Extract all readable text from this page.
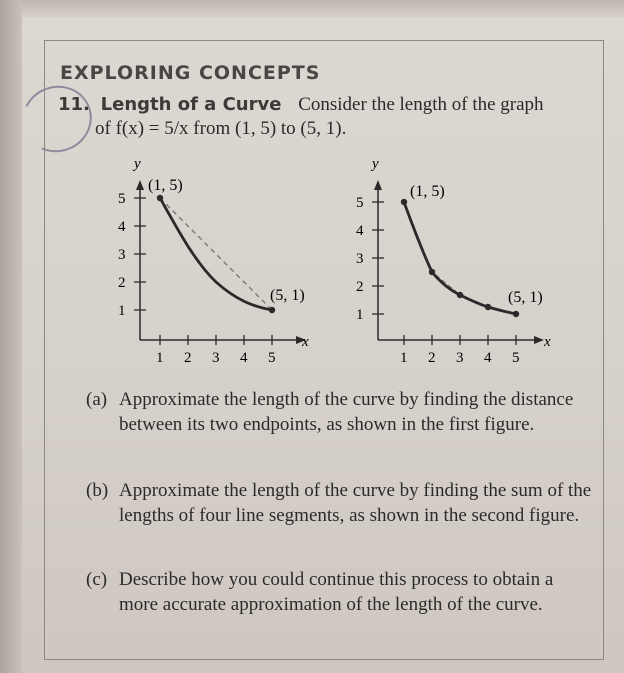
EXPLORING CONCEPTS
11. Length of a Curve Consider the length of the graph
of f(x) = 5/x from (1, 5) to (5, 1).
1 2 3 4 5
1
2
3
4
5
y
x
(1, 5)
(5, 1)
1 2 3 4 5
1
2
3
4
5
y
x
(1, 5)
(5, 1)
(a) Approximate the length of the curve by finding the distance between its two endpoints, as shown in the first figure.
(b) Approximate the length of the curve by finding the sum of the lengths of four line segments, as shown in the second figure.
(c) Describe how you could continue this process to obtain a more accurate approximation of the length of the curve.
